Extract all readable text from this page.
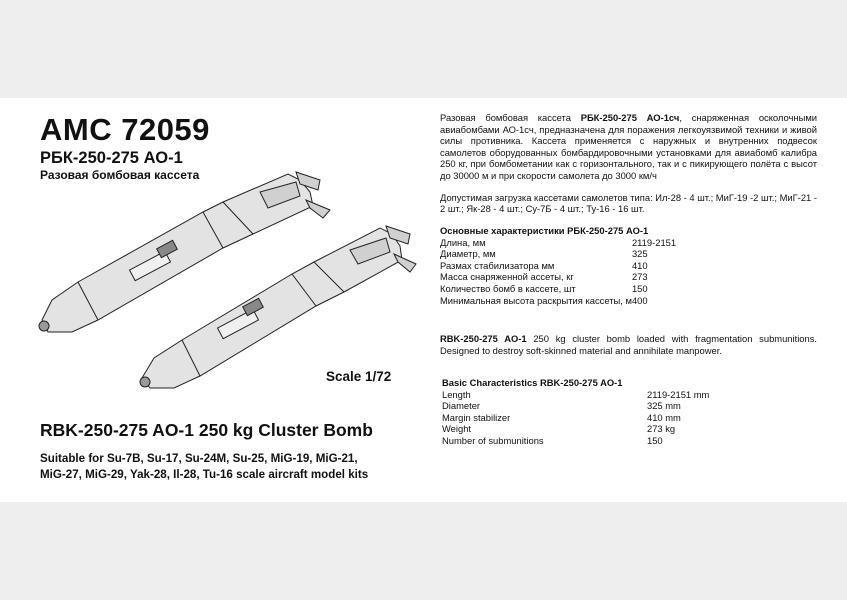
AMC 72059
РБК-250-275 АО-1
Разовая бомбовая кассета
Scale 1/72
RBK-250-275 AO-1 250 kg Cluster Bomb
Suitable for Su-7B, Su-17, Su-24M, Su-25, MiG-19, MiG-21,
MiG-27, MiG-29, Yak-28, Il-28, Tu-16 scale aircraft model kits

Разовая бомбовая кассета РБК-250-275 АО-1сч, снаряженная осколочными авиабомбами АО-1сч, предназначена для поражения легкоуязвимой техники и живой силы противника. Кассета применяется с наружных и внутренних подвесок самолетов оборудованных бомбардировочными установками для авиабомб калибра 250 кг, при бомбометании как с горизонтального, так и с пикирующего полёта с высот до 30000 м и при скорости самолета до 3000 км/ч

Допустимая загрузка кассетами самолетов типа: Ил-28 - 4 шт.; МиГ-19 -2 шт.; МиГ-21 - 2 шт.; Як-28 - 4 шт.; Су-7Б - 4 шт.; Ту-16 - 16 шт.

Основные характеристики РБК-250-275 АО-1	
Длина, мм	2119-2151
Диаметр, мм	325
Размах стабилизатора мм	410
Масса снаряженной ассеты, кг	273
Количество бомб в кассете, шт	150
Минимальная высота раскрытия кассеты, м	400

RBK-250-275 AO-1 250 kg cluster bomb loaded with fragmentation submunitions. Designed to destroy soft-skinned material and annihilate manpower.

Basic Characteristics RBK-250-275 AO-1	
Length	2119-2151 mm
Diameter	325 mm
Margin stabilizer	410 mm
Weight	273 kg
Number of submunitions	150
